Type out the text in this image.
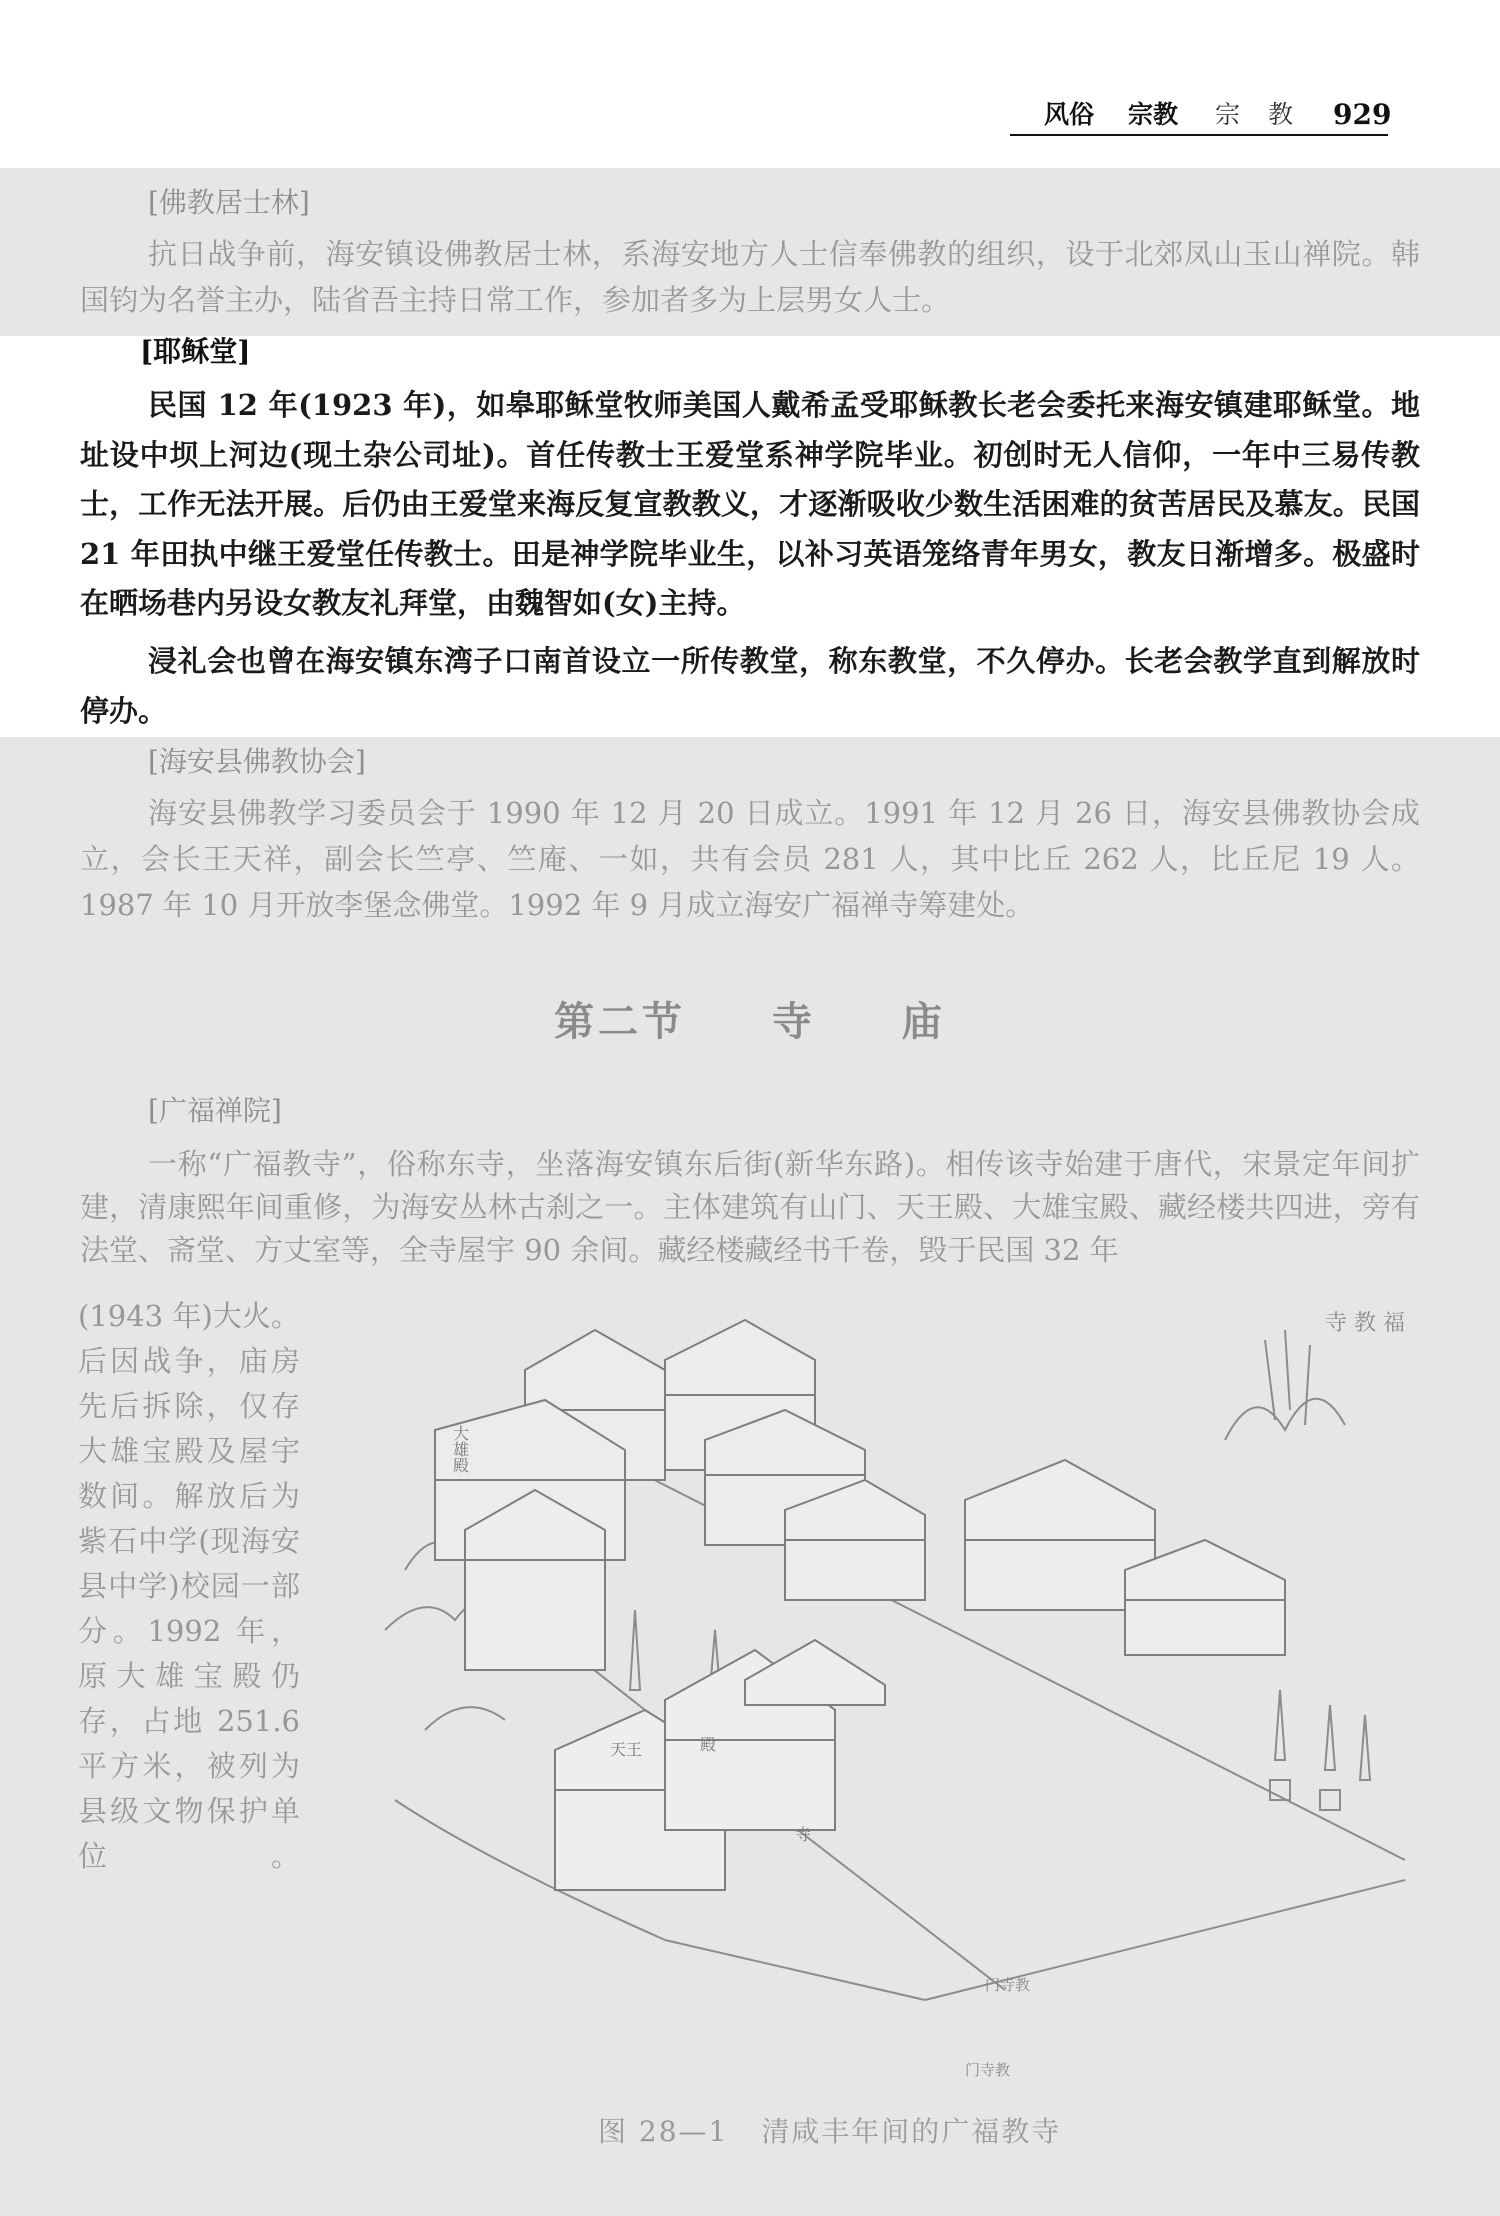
风俗 宗教 宗 教 929
[佛教居士林]

抗日战争前，海安镇设佛教居士林，系海安地方人士信奉佛教的组织，设于北郊凤山玉山禅院。韩国钧为名誉主办，陆省吾主持日常工作，参加者多为上层男女人士。

[耶稣堂]

民国 12 年(1923 年)，如皋耶稣堂牧师美国人戴希孟受耶稣教长老会委托来海安镇建耶稣堂。地址设中坝上河边(现土杂公司址)。首任传教士王爱堂系神学院毕业。初创时无人信仰，一年中三易传教士，工作无法开展。后仍由王爱堂来海反复宣教教义，才逐渐吸收少数生活困难的贫苦居民及慕友。民国 21 年田执中继王爱堂任传教士。田是神学院毕业生，以补习英语笼络青年男女，教友日渐增多。极盛时在晒场巷内另设女教友礼拜堂，由魏智如(女)主持。

浸礼会也曾在海安镇东湾子口南首设立一所传教堂，称东教堂，不久停办。长老会教学直到解放时停办。

[海安县佛教协会]

海安县佛教学习委员会于 1990 年 12 月 20 日成立。1991 年 12 月 26 日，海安县佛教协会成立，会长王天祥，副会长竺亭、竺庵、一如，共有会员 281 人，其中比丘 262 人，比丘尼 19 人。1987 年 10 月开放李堡念佛堂。1992 年 9 月成立海安广福禅寺筹建处。

第二节 寺 庙
[广福禅院]

一称“广福教寺”，俗称东寺，坐落海安镇东后街(新华东路)。相传该寺始建于唐代，宋景定年间扩建，清康熙年间重修，为海安丛林古刹之一。主体建筑有山门、天王殿、大雄宝殿、藏经楼共四进，旁有法堂、斋堂、方丈室等，全寺屋宇 90 余间。藏经楼藏经书千卷，毁于民国 32 年

(1943 年)大火。后因战争，庙房先后拆除，仅存大雄宝殿及屋宇数间。解放后为紫石中学(现海安县中学)校园一部分。1992 年，原大雄宝殿仍存，占地 251.6 平方米，被列为县级文物保护单位。

寺 教 福
大雄殿
殿
天王
寺
门寺教
门寺教
图 28—1 清咸丰年间的广福教寺
